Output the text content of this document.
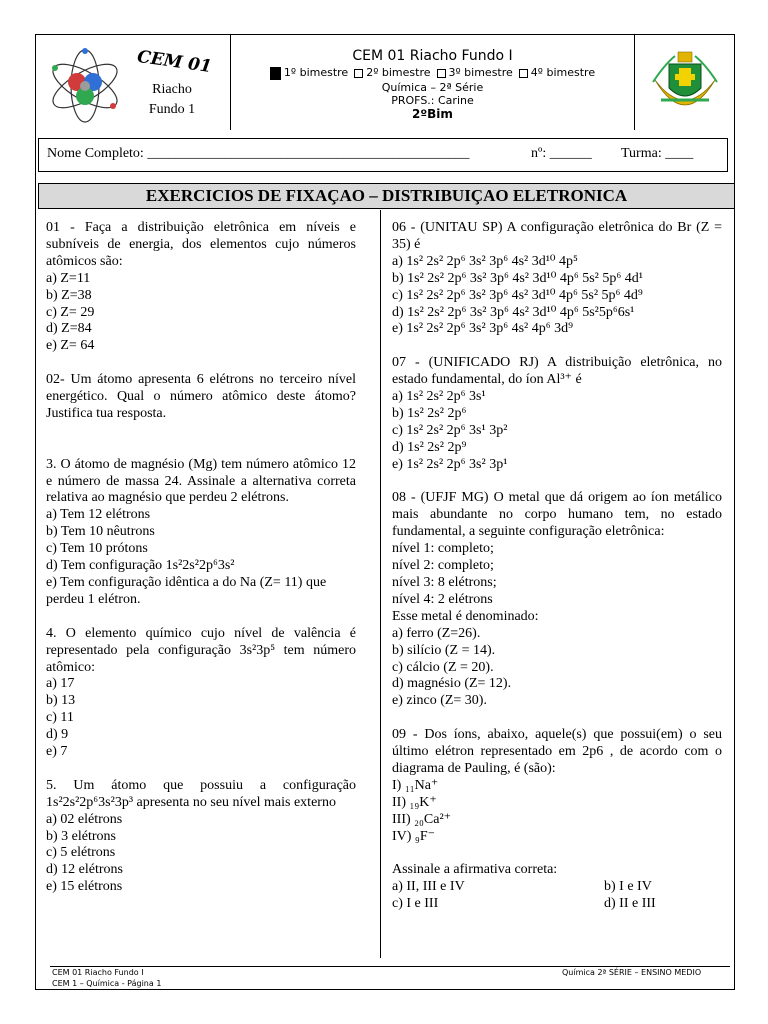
CEM 01
Riacho
Fundo 1
CEM 01 Riacho Fundo I
1º bimestre	2º bimestre	3º bimestre	4º bimestre
Química – 2ª Série
PROFS.: Carine
2ºBim
Nome Completo: ______________________________________________	nº: ______ Turma: ____
EXERCICIOS DE FIXAÇAO – DISTRIBUIÇAO ELETRONICA

01 - Faça a distribuição eletrônica em níveis e subníveis de energia, dos elementos cujo números atômicos são:

a) Z=11

b) Z=38

c) Z= 29

d) Z=84

e) Z= 64

02- Um átomo apresenta 6 elétrons no terceiro nível energético. Qual o número atômico deste átomo? Justifica tua resposta.

3. O átomo de magnésio (Mg) tem número atômico 12 e número de massa 24. Assinale a alternativa correta relativa ao magnésio que perdeu 2 elétrons.

a) Tem 12 elétrons

b) Tem 10 nêutrons

c) Tem 10 prótons

d) Tem configuração 1s²2s²2p⁶3s²

e) Tem configuração idêntica a do Na (Z= 11) que perdeu 1 elétron.

4. O elemento químico cujo nível de valência é representado pela configuração 3s²3p⁵ tem número atômico:

a) 17

b) 13

c) 11

d) 9

e) 7

5. Um átomo que possuiu a configuração 1s²2s²2p⁶3s²3p³ apresenta no seu nível mais externo

a) 02 elétrons

b) 3 elétrons

c) 5 elétrons

d) 12 elétrons

e) 15 elétrons

06 - (UNITAU SP) A configuração eletrônica do Br (Z = 35) é

a) 1s² 2s² 2p⁶ 3s² 3p⁶ 4s² 3d¹⁰ 4p⁵

b) 1s² 2s² 2p⁶ 3s² 3p⁶ 4s² 3d¹⁰ 4p⁶ 5s² 5p⁶ 4d¹

c) 1s² 2s² 2p⁶ 3s² 3p⁶ 4s² 3d¹⁰ 4p⁶ 5s² 5p⁶ 4d⁹

d) 1s² 2s² 2p⁶ 3s² 3p⁶ 4s² 3d¹⁰ 4p⁶ 5s²5p⁶6s¹

e) 1s² 2s² 2p⁶ 3s² 3p⁶ 4s² 4p⁶ 3d⁹

07 - (UNIFICADO RJ) A distribuição eletrônica, no estado fundamental, do íon Al³⁺ é

a) 1s² 2s² 2p⁶ 3s¹

b) 1s² 2s² 2p⁶

c) 1s² 2s² 2p⁶ 3s¹ 3p²

d) 1s² 2s² 2p⁹

e) 1s² 2s² 2p⁶ 3s² 3p¹

08 - (UFJF MG) O metal que dá origem ao íon metálico mais abundante no corpo humano tem, no estado fundamental, a seguinte configuração eletrônica:

nível 1: completo;

nível 2: completo;

nível 3: 8 elétrons;

nível 4: 2 elétrons

Esse metal é denominado:

a) ferro (Z=26).

b) silício (Z = 14).

c) cálcio (Z = 20).

d) magnésio (Z= 12).

e) zinco (Z= 30).

09 - Dos íons, abaixo, aquele(s) que possui(em) o seu último elétron representado em 2p6 , de acordo com o diagrama de Pauling, é (são):

I) ₁₁Na⁺

II) ₁₉K⁺

III) ₂₀Ca²⁺

IV) ₉F⁻

Assinale a afirmativa correta:

a) II, III e IV	b) I e IV
c) I e III	d) II e III
CEM 01 Riacho Fundo I
CEM 1 – Química - Página 1
Química 2ª SÉRIE – ENSINO MEDIO
